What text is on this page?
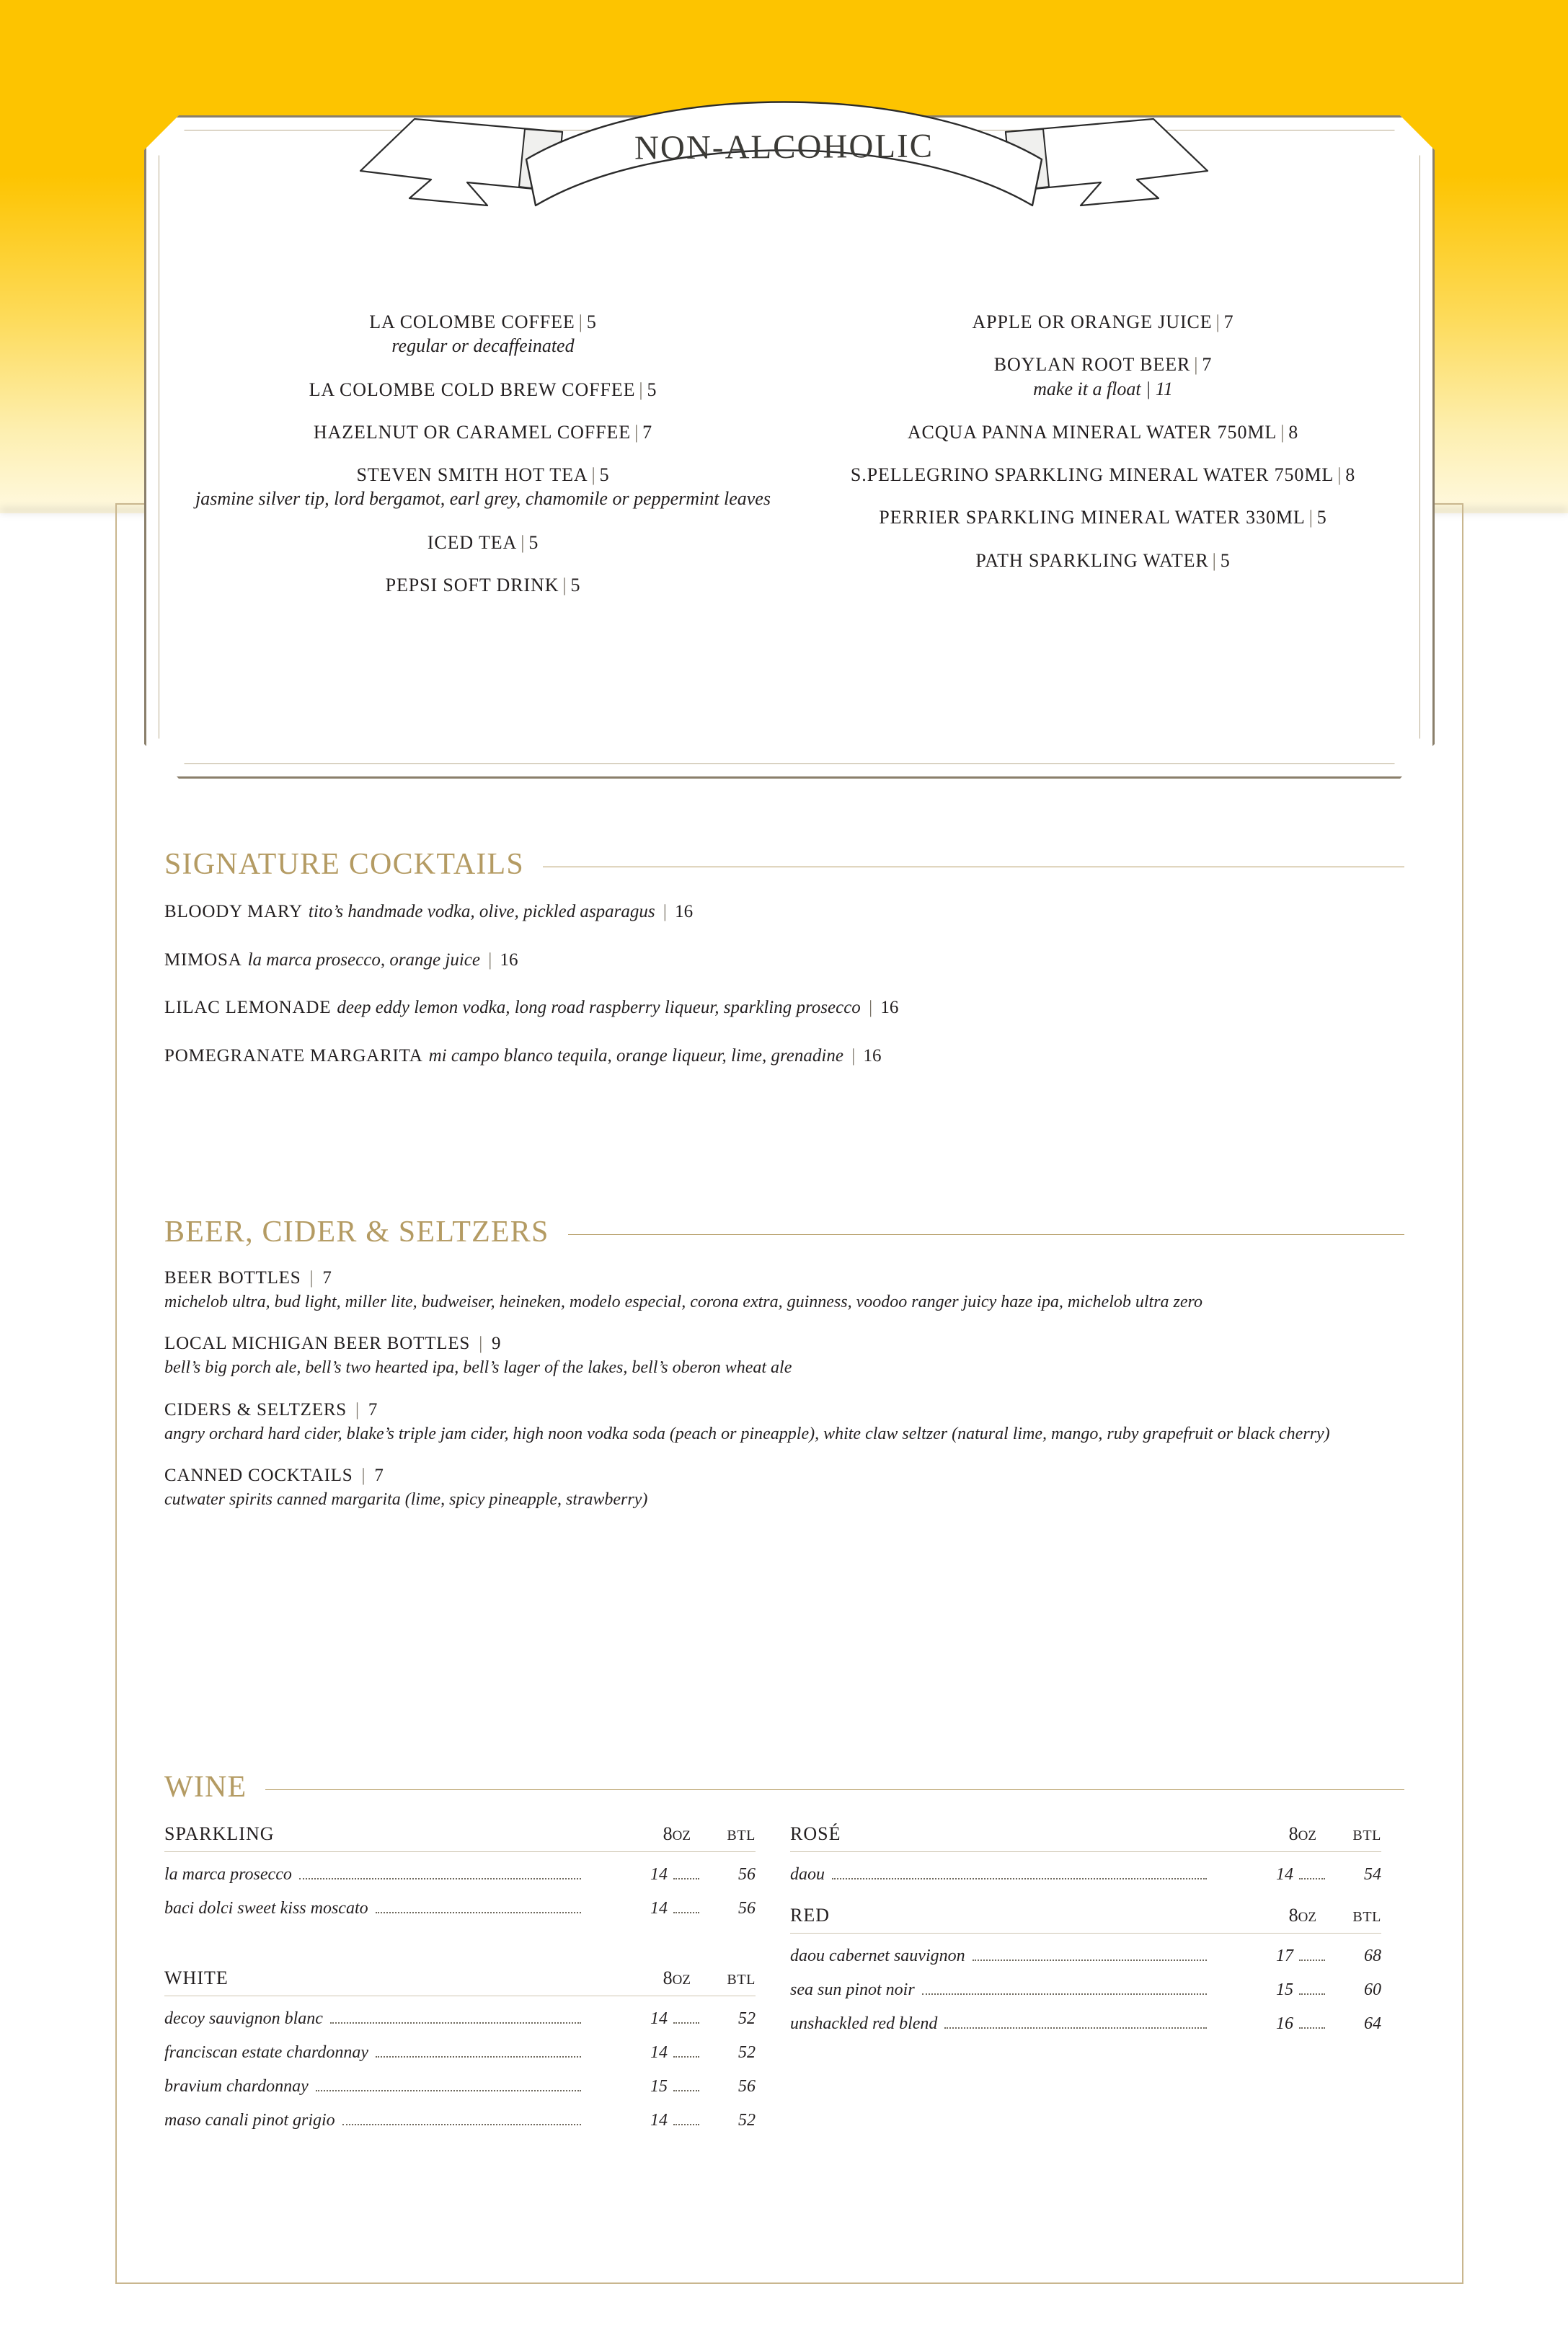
NON-ALCOHOLIC
LA COLOMBE COFFEE | 5
regular or decaffeinated
LA COLOMBE COLD BREW COFFEE | 5
HAZELNUT OR CARAMEL COFFEE | 7
STEVEN SMITH HOT TEA | 5
jasmine silver tip, lord bergamot, earl grey, chamomile or peppermint leaves
ICED TEA | 5
PEPSI SOFT DRINK | 5
APPLE OR ORANGE JUICE | 7
BOYLAN ROOT BEER | 7
make it a float | 11
ACQUA PANNA MINERAL WATER 750ML | 8
S.PELLEGRINO SPARKLING MINERAL WATER 750ML | 8
PERRIER SPARKLING MINERAL WATER 330ML | 5
PATH SPARKLING WATER | 5
SIGNATURE COCKTAILS
BLOODY MARY tito’s handmade vodka, olive, pickled asparagus | 16
MIMOSA la marca prosecco, orange juice | 16
LILAC LEMONADE deep eddy lemon vodka, long road raspberry liqueur, sparkling prosecco | 16
POMEGRANATE MARGARITA mi campo blanco tequila, orange liqueur, lime, grenadine | 16
BEER, CIDER & SELTZERS
BEER BOTTLES | 7
michelob ultra, bud light, miller lite, budweiser, heineken, modelo especial, corona extra, guinness, voodoo ranger juicy haze ipa, michelob ultra zero
LOCAL MICHIGAN BEER BOTTLES | 9
bell’s big porch ale, bell’s two hearted ipa, bell’s lager of the lakes, bell’s oberon wheat ale
CIDERS & SELTZERS | 7
angry orchard hard cider, blake’s triple jam cider, high noon vodka soda (peach or pineapple), white claw seltzer (natural lime, mango, ruby grapefruit or black cherry)
CANNED COCKTAILS | 7
cutwater spirits canned margarita (lime, spicy pineapple, strawberry)
WINE
SPARKLING	8OZ	BTL
la marca prosecco	14	56
baci dolci sweet kiss moscato	14	56
WHITE	8OZ	BTL
decoy sauvignon blanc	14	52
franciscan estate chardonnay	14	52
bravium chardonnay	15	56
maso canali pinot grigio	14	52
ROSÉ	8OZ	BTL
daou	14	54
RED	8OZ	BTL
daou cabernet sauvignon	17	68
sea sun pinot noir	15	60
unshackled red blend	16	64
